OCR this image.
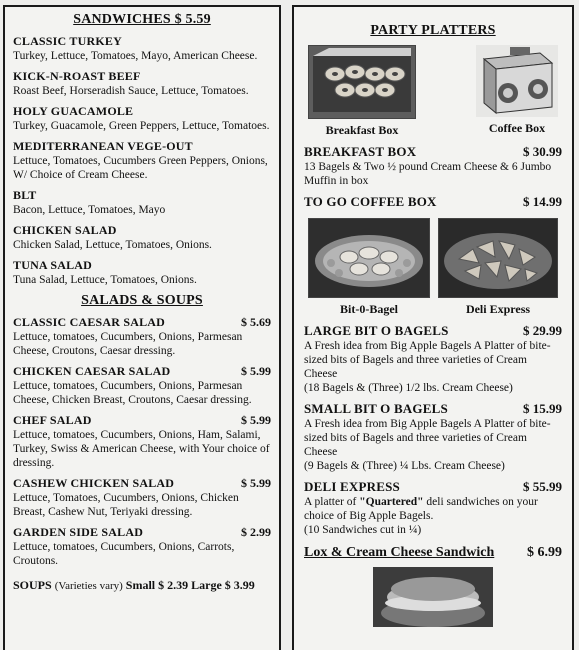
SANDWICHES $ 5.59
CLASSIC TURKEY
Turkey, Lettuce, Tomatoes, Mayo, American Cheese.
KICK-N-ROAST BEEF
Roast Beef, Horseradish Sauce, Lettuce, Tomatoes.
HOLY GUACAMOLE
Turkey, Guacamole, Green Peppers, Lettuce, Tomatoes.
MEDITERRANEAN VEGE-OUT
Lettuce, Tomatoes, Cucumbers Green Peppers, Onions, W/ Choice of Cream Cheese.
BLT
Bacon, Lettuce, Tomatoes, Mayo
CHICKEN SALAD
Chicken Salad, Lettuce, Tomatoes, Onions.
TUNA SALAD
Tuna Salad, Lettuce, Tomatoes, Onions.
SALADS & SOUPS
CLASSIC CAESAR SALAD	$ 5.69
Lettuce, tomatoes, Cucumbers, Onions, Parmesan Cheese, Croutons, Caesar dressing.
CHICKEN CAESAR SALAD	$ 5.99
Lettuce, tomatoes, Cucumbers, Onions, Parmesan Cheese, Chicken Breast, Croutons, Caesar dressing.
CHEF SALAD	$ 5.99
Lettuce, tomatoes, Cucumbers, Onions, Ham, Salami, Turkey, Swiss & American Cheese, with Your choice of dressing.
CASHEW CHICKEN SALAD	$ 5.99
Lettuce, Tomatoes, Cucumbers, Onions, Chicken Breast, Cashew Nut, Teriyaki dressing.
GARDEN SIDE SALAD	$ 2.99
Lettuce, tomatoes, Cucumbers, Onions, Carrots, Croutons.
SOUPS (Varieties vary) Small $ 2.39 Large $ 3.99
PARTY PLATTERS
Breakfast Box	Coffee Box
BREAKFAST BOX	$ 30.99
13 Bagels & Two ½ pound Cream Cheese & 6 Jumbo Muffin in box
TO GO COFFEE BOX	$ 14.99
Bit-0-Bagel	Deli Express
LARGE BIT O BAGELS	$ 29.99
A Fresh idea from Big Apple Bagels A Platter of bite-sized bits of Bagels and three varieties of Cream Cheese
(18 Bagels & (Three) 1/2 lbs. Cream Cheese)
SMALL BIT O BAGELS	$ 15.99
A Fresh idea from Big Apple Bagels A Platter of bite-sized bits of Bagels and three varieties of Cream Cheese
(9 Bagels & (Three) ¼ Lbs. Cream Cheese)
DELI EXPRESS	$ 55.99
A platter of "Quartered" deli sandwiches on your choice of Big Apple Bagels.
(10 Sandwiches cut in ¼)
Lox & Cream Cheese Sandwich $ 6.99
